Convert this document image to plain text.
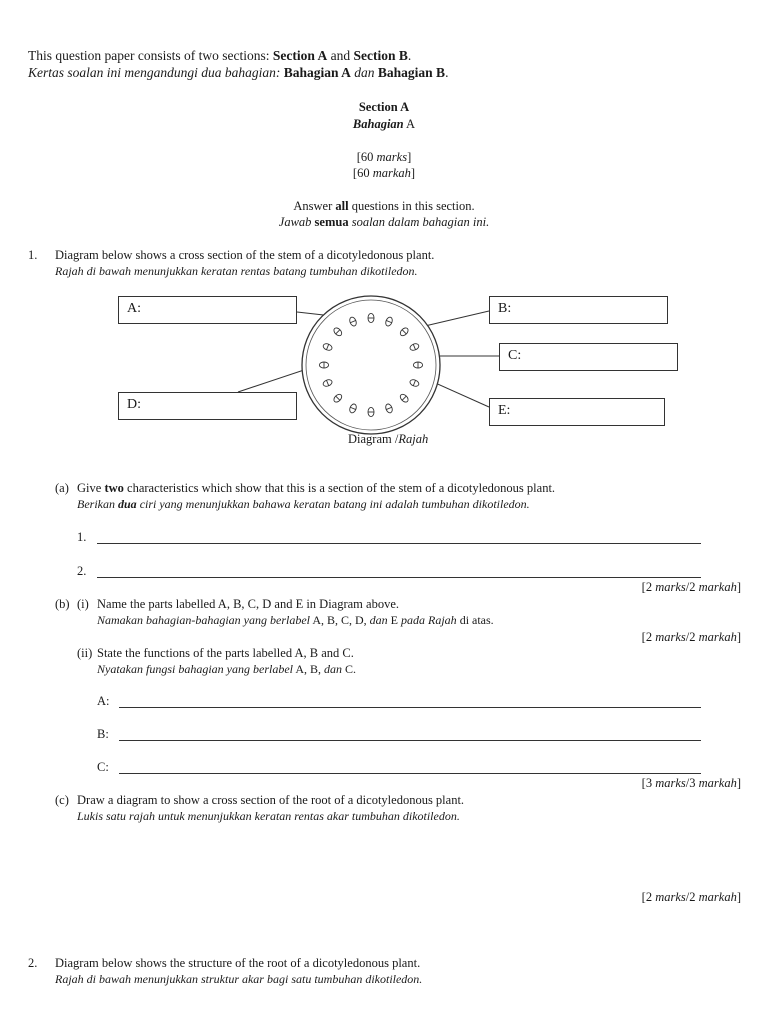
This question paper consists of two sections: Section A and Section B.
Kertas soalan ini mengandungi dua bahagian: Bahagian A dan Bahagian B.
Section A
Bahagian A
[60 marks]
[60 markah]
Answer all questions in this section.
Jawab semua soalan dalam bahagian ini.
1. Diagram below shows a cross section of the stem of a dicotyledonous plant.
Rajah di bawah menunjukkan keratan rentas batang tumbuhan dikotiledon.
A:	B:
C:
D:	E:
Diagram /Rajah
(a) Give two characteristics which show that this is a section of the stem of a dicotyledonous plant.
Berikan dua ciri yang menunjukkan bahawa keratan batang ini adalah tumbuhan dikotiledon.
1.
2.
[2 marks/2 markah]
(b) (i) Name the parts labelled A, B, C, D and E in Diagram above.
Namakan bahagian-bahagian yang berlabel A, B, C, D, dan E pada Rajah di atas.
[2 marks/2 markah]
(ii) State the functions of the parts labelled A, B and C.
Nyatakan fungsi bahagian yang berlabel A, B, dan C.
A:
B:
C:
[3 marks/3 markah]
(c) Draw a diagram to show a cross section of the root of a dicotyledonous plant.
Lukis satu rajah untuk menunjukkan keratan rentas akar tumbuhan dikotiledon.
[2 marks/2 markah]
2. Diagram below shows the structure of the root of a dicotyledonous plant.
Rajah di bawah menunjukkan struktur akar bagi satu tumbuhan dikotiledon.
